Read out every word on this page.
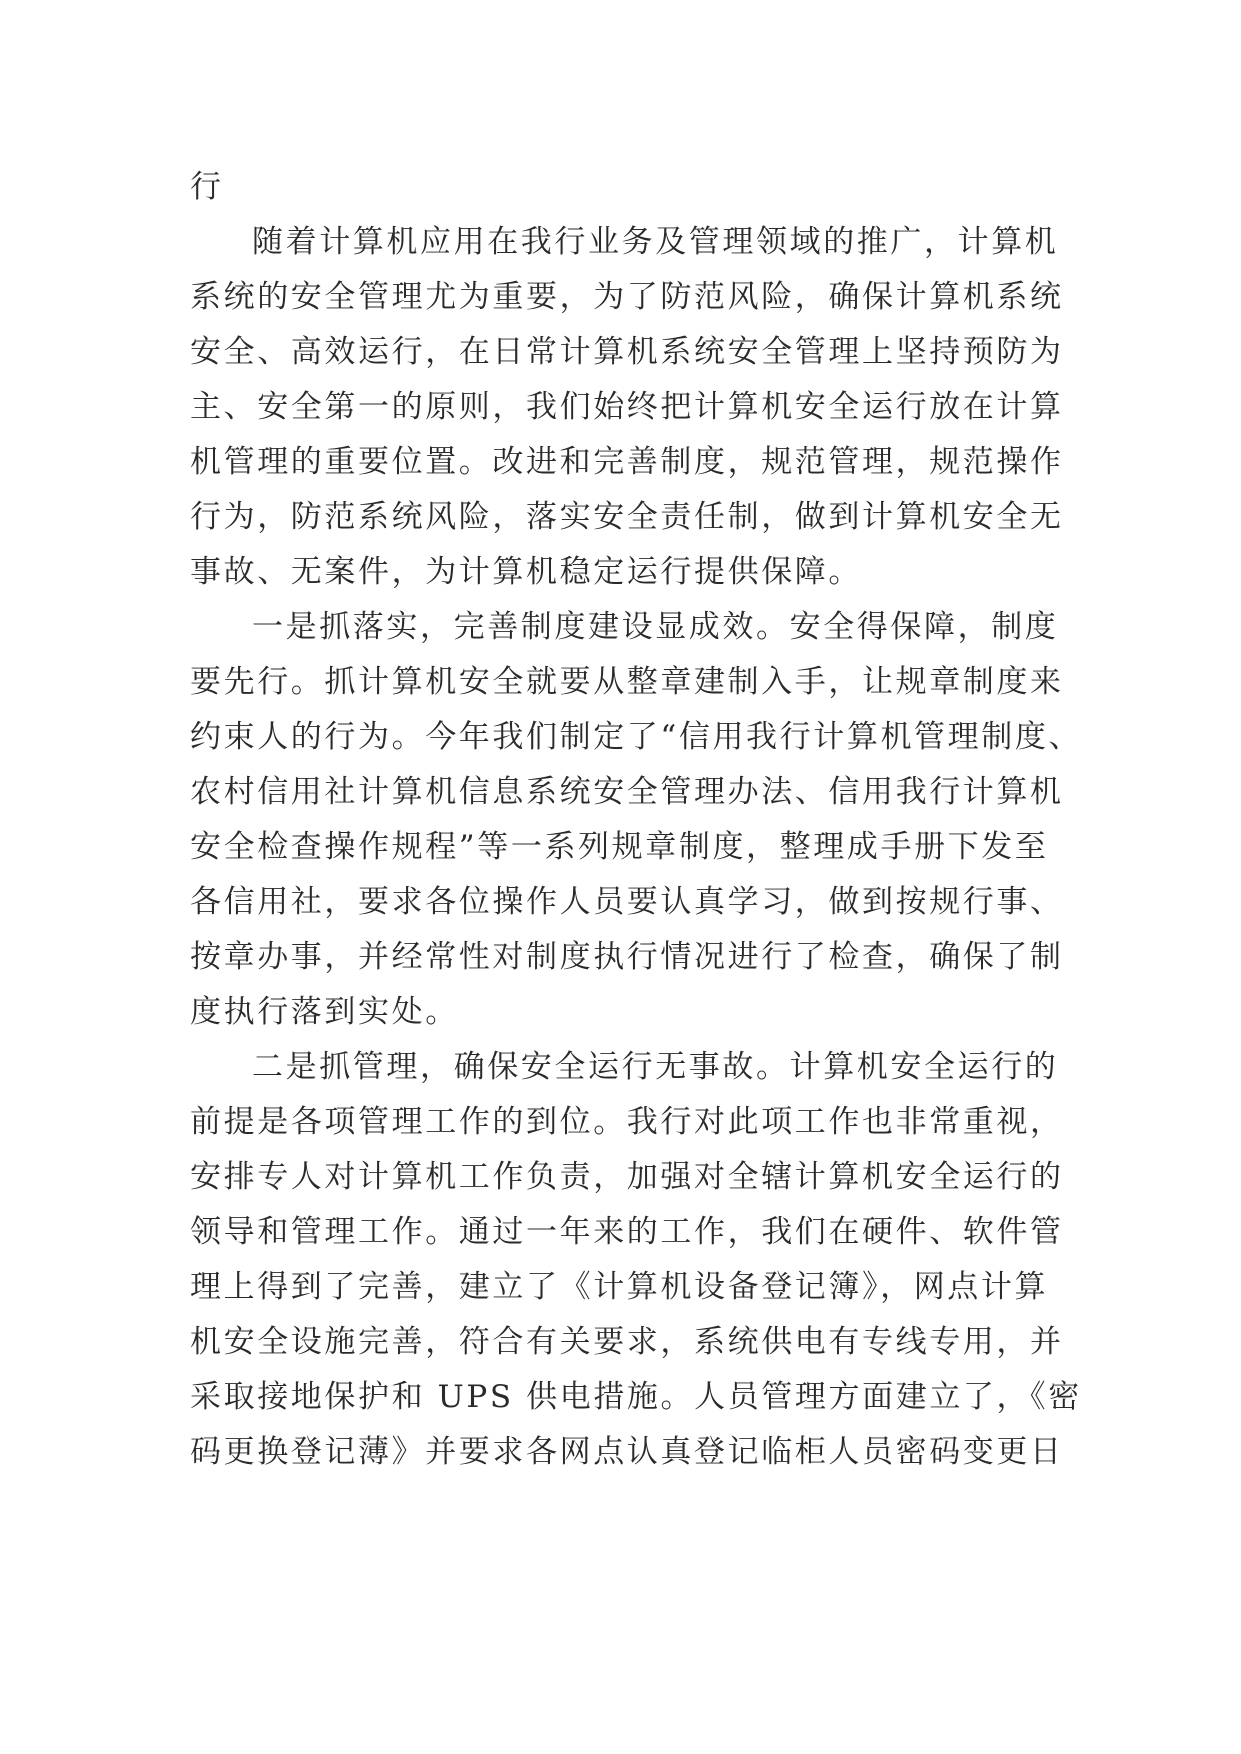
行
随着计算机应用在我行业务及管理领域的推广，计算机
系统的安全管理尤为重要，为了防范风险，确保计算机系统
安全、高效运行，在日常计算机系统安全管理上坚持预防为
主、安全第一的原则，我们始终把计算机安全运行放在计算
机管理的重要位置。改进和完善制度，规范管理，规范操作
行为，防范系统风险，落实安全责任制，做到计算机安全无
事故、无案件，为计算机稳定运行提供保障。
一是抓落实，完善制度建设显成效。安全得保障，制度
要先行。抓计算机安全就要从整章建制入手，让规章制度来
约束人的行为。今年我们制定了“信用我行计算机管理制度、
农村信用社计算机信息系统安全管理办法、信用我行计算机
安全检查操作规程”等一系列规章制度，整理成手册下发至
各信用社，要求各位操作人员要认真学习，做到按规行事、
按章办事，并经常性对制度执行情况进行了检查，确保了制
度执行落到实处。
二是抓管理，确保安全运行无事故。计算机安全运行的
前提是各项管理工作的到位。我行对此项工作也非常重视，
安排专人对计算机工作负责，加强对全辖计算机安全运行的
领导和管理工作。通过一年来的工作，我们在硬件、软件管
理上得到了完善，建立了《计算机设备登记簿》，网点计算
机安全设施完善，符合有关要求，系统供电有专线专用，并
采取接地保护和 UPS 供电措施。人员管理方面建立了，《密
码更换登记薄》并要求各网点认真登记临柜人员密码变更日
